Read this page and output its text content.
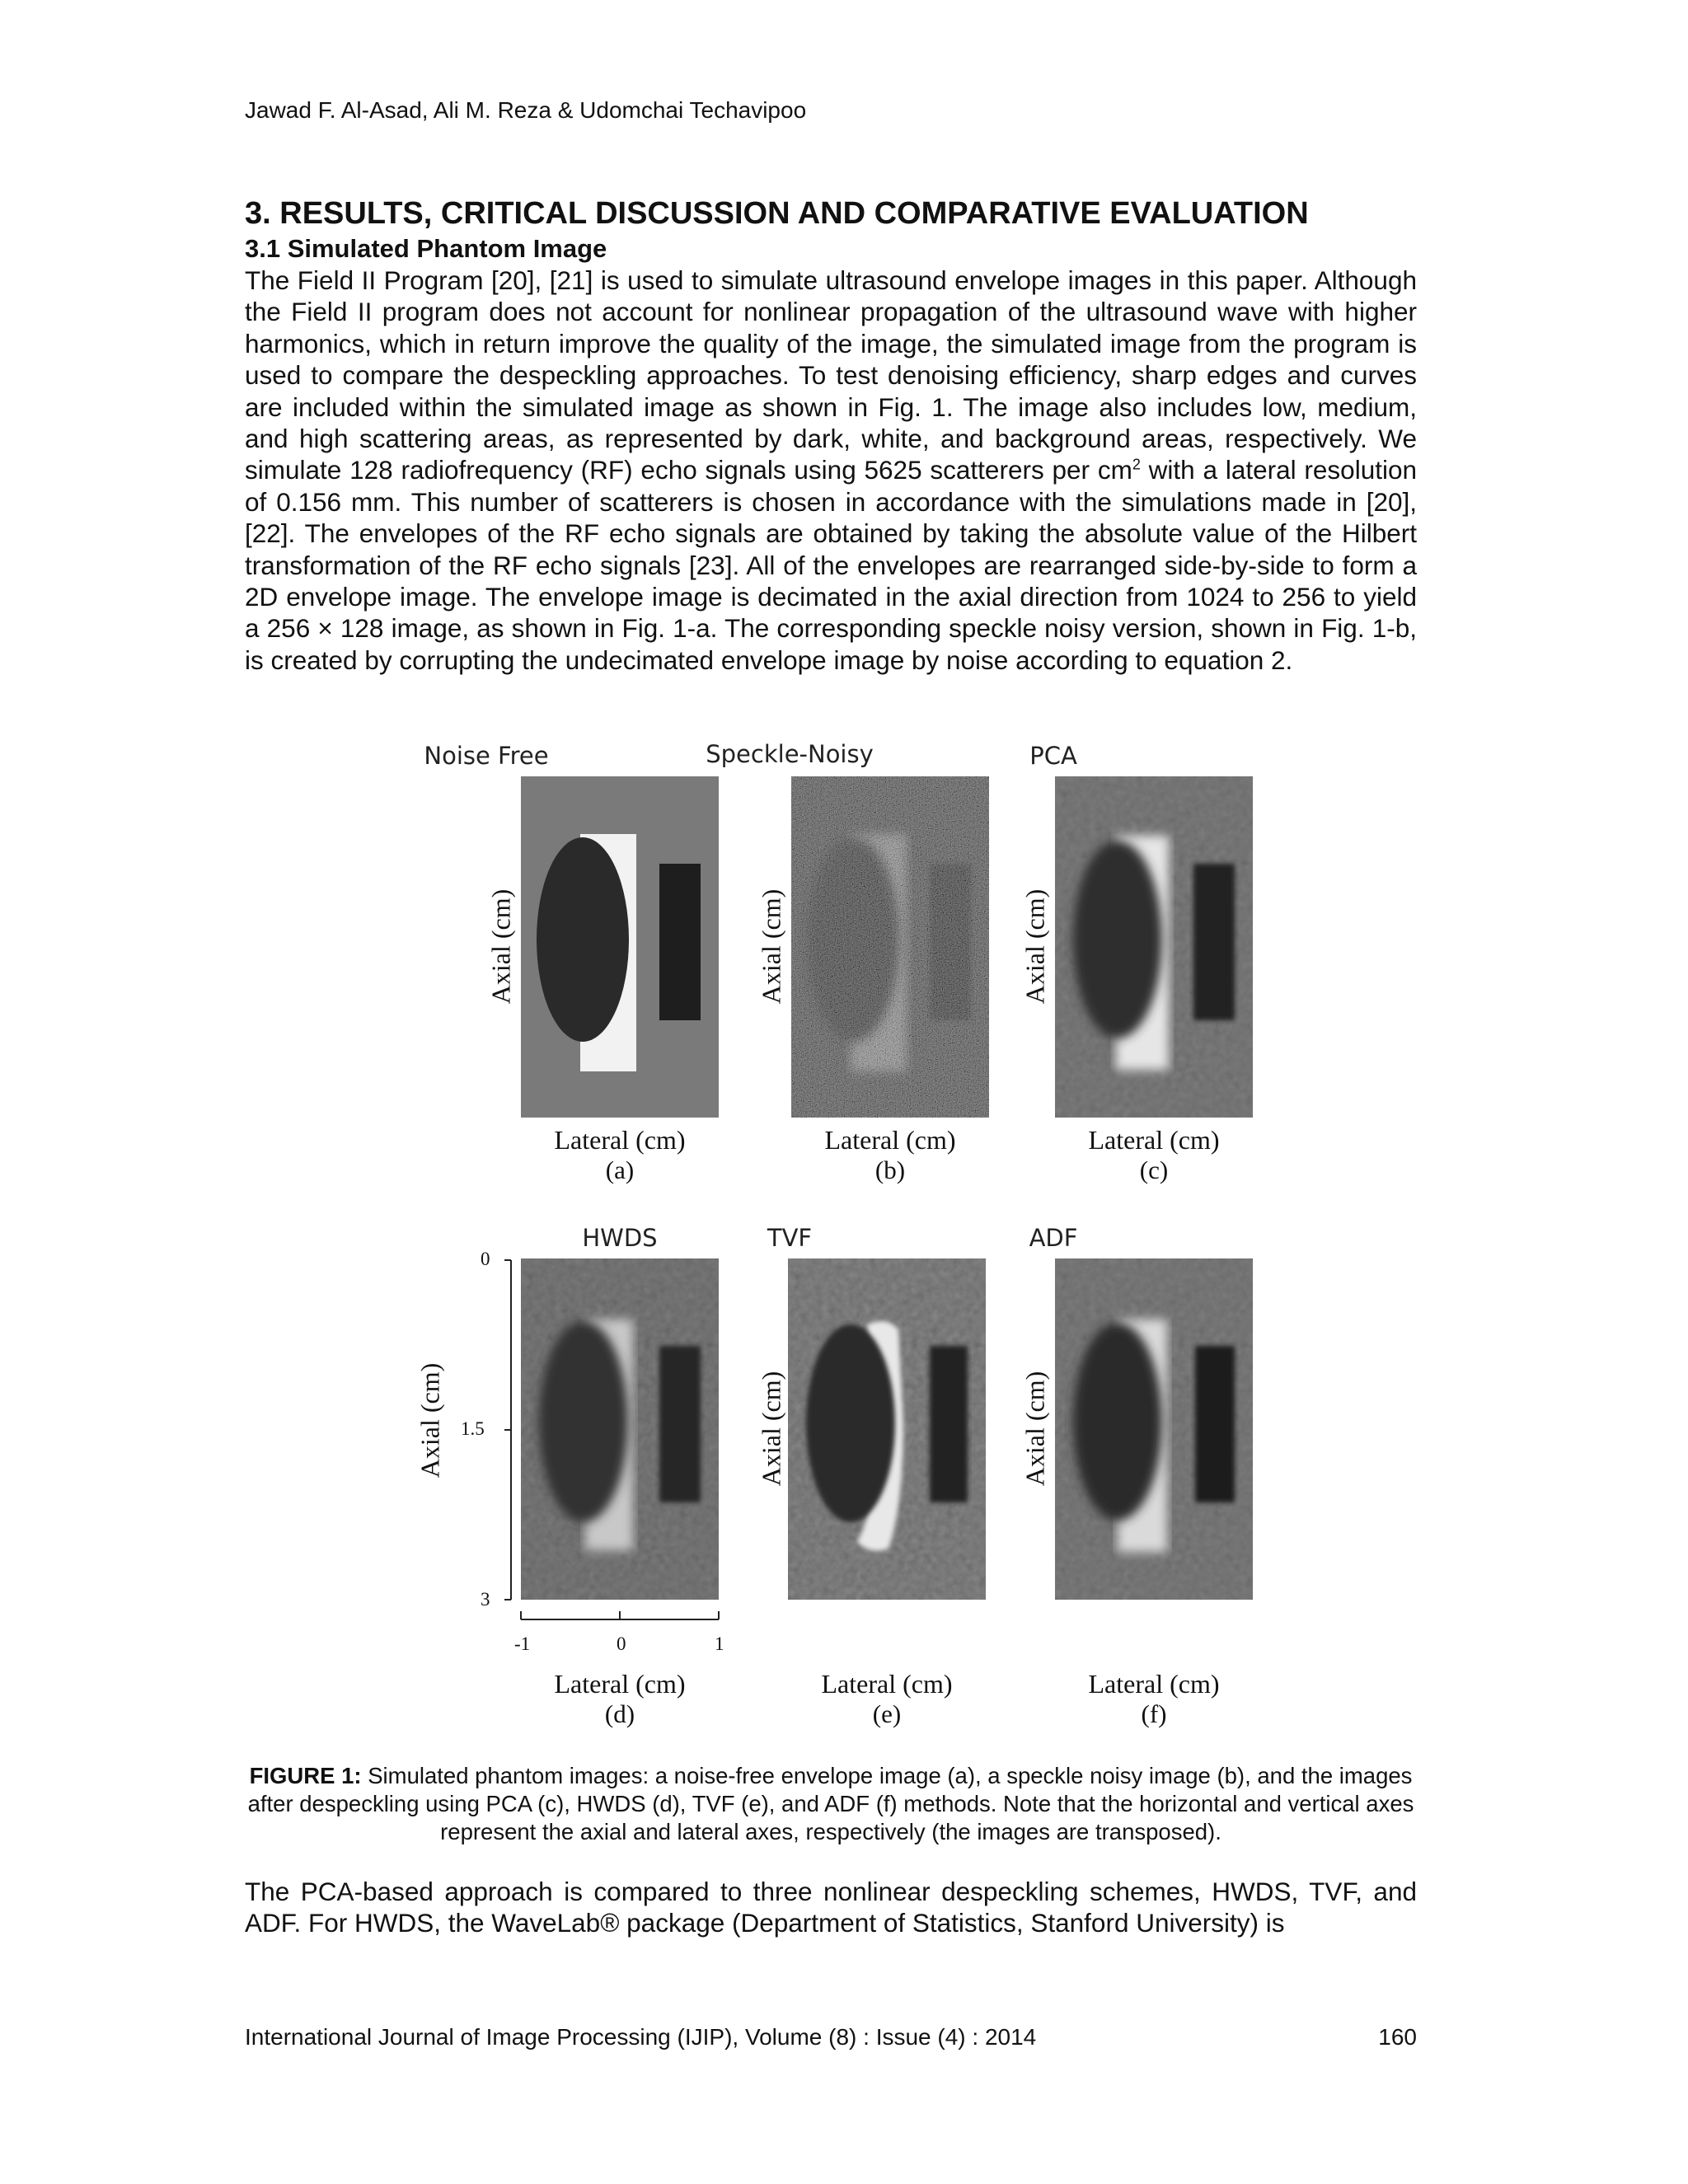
Jawad F. Al-Asad, Ali M. Reza & Udomchai Techavipoo
3. RESULTS, CRITICAL DISCUSSION AND COMPARATIVE EVALUATION
3.1 Simulated Phantom Image

The Field II Program [20], [21] is used to simulate ultrasound envelope images in this paper. Although the Field II program does not account for nonlinear propagation of the ultrasound wave with higher harmonics, which in return improve the quality of the image, the simulated image from the program is used to compare the despeckling approaches. To test denoising efficiency, sharp edges and curves are included within the simulated image as shown in Fig. 1. The image also includes low, medium, and high scattering areas, as represented by dark, white, and background areas, respectively. We simulate 128 radiofrequency (RF) echo signals using 5625 scatterers per $cm^2$ with a lateral resolution of 0.156 mm. This number of scatterers is chosen in accordance with the simulations made in [20], [22]. The envelopes of the RF echo signals are obtained by taking the absolute value of the Hilbert transformation of the RF echo signals [23]. All of the envelopes are rearranged side-by-side to form a 2D envelope image. The envelope image is decimated in the axial direction from 1024 to 256 to yield a 256 × 128 image, as shown in Fig. 1-a. The corresponding speckle noisy version, shown in Fig. 1-b, is created by corrupting the undecimated envelope image by noise according to equation 2.

Noise Free
Axial (cm)
Lateral (cm)
(a)
Speckle-Noisy
Axial (cm)
Lateral (cm)
(b)
PCA
Axial (cm)
Lateral (cm)
(c)
HWDS
0
1.5
3
-1	0	1
Axial (cm)
Lateral (cm)
(d)
TVF
Axial (cm)
Lateral (cm)
(e)
ADF
Axial (cm)
Lateral (cm)
(f)
FIGURE 1: Simulated phantom images: a noise-free envelope image (a), a speckle noisy image (b), and the images after despeckling using PCA (c), HWDS (d), TVF (e), and ADF (f) methods. Note that the horizontal and vertical axes represent the axial and lateral axes, respectively (the images are transposed).

The PCA-based approach is compared to three nonlinear despeckling schemes, HWDS, TVF, and ADF. For HWDS, the WaveLab® package (Department of Statistics, Stanford University) is

International Journal of Image Processing (IJIP), Volume (8) : Issue (4) : 2014	160
